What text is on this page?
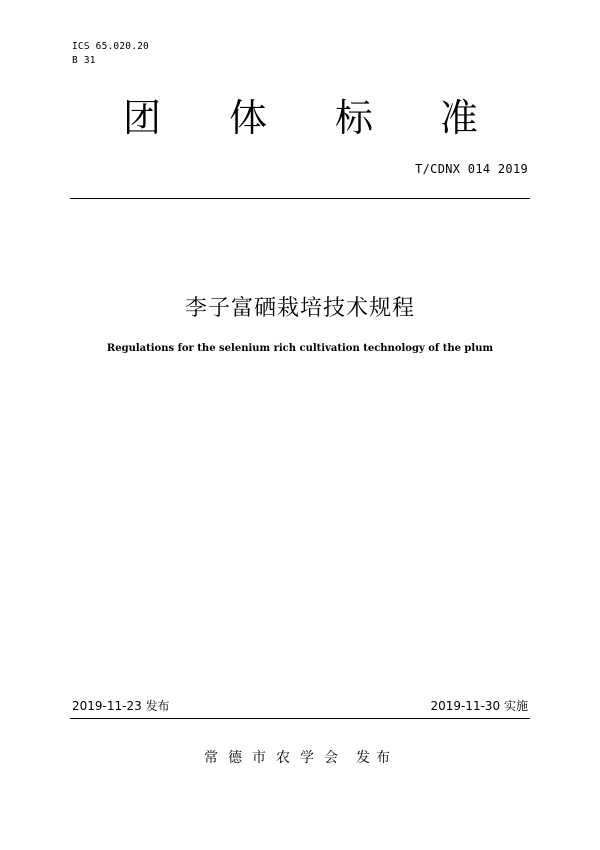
ICS 65.020.20
B 31
团 体 标 准
T/CDNX 014 2019
李子富硒栽培技术规程
Regulations for the selenium rich cultivation technology of the plum
2019-11-23 发布	2019-11-30 实施
常德市农学会 发布
